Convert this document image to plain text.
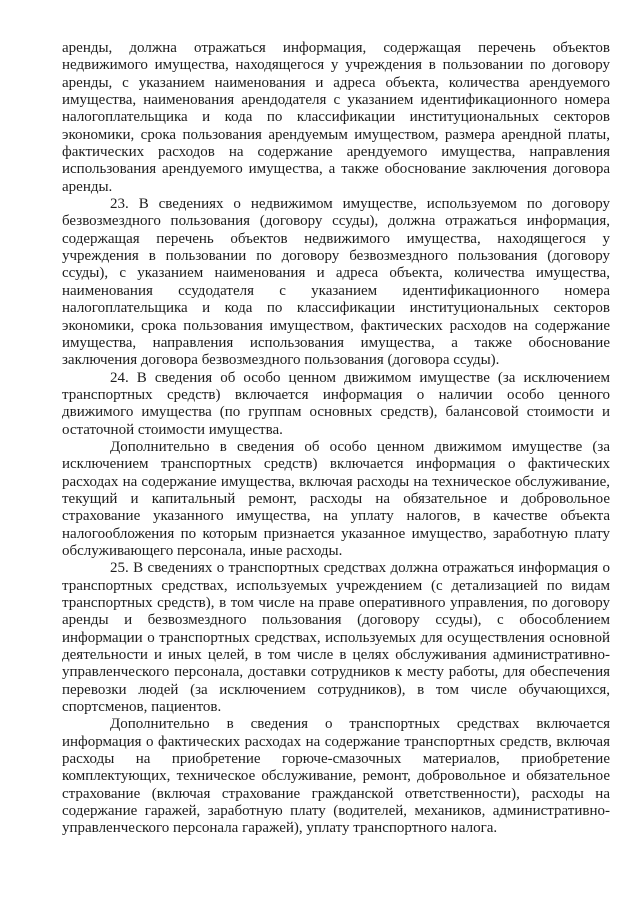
аренды, должна отражаться информация, содержащая перечень объектов недвижимого имущества, находящегося у учреждения в пользовании по договору аренды, с указанием наименования и адреса объекта, количества арендуемого имущества, наименования арендодателя с указанием идентификационного номера налогоплательщика и кода по классификации институциональных секторов экономики, срока пользования арендуемым имуществом, размера арендной платы, фактических расходов на содержание арендуемого имущества, направления использования арендуемого имущества, а также обоснование заключения договора аренды.

23. В сведениях о недвижимом имуществе, используемом по договору безвозмездного пользования (договору ссуды), должна отражаться информация, содержащая перечень объектов недвижимого имущества, находящегося у учреждения в пользовании по договору безвозмездного пользования (договору ссуды), с указанием наименования и адреса объекта, количества имущества, наименования ссудодателя с указанием идентификационного номера налогоплательщика и кода по классификации институциональных секторов экономики, срока пользования имуществом, фактических расходов на содержание имущества, направления использования имущества, а также обоснование заключения договора безвозмездного пользования (договора ссуды).

24. В сведения об особо ценном движимом имуществе (за исключением транспортных средств) включается информация о наличии особо ценного движимого имущества (по группам основных средств), балансовой стоимости и остаточной стоимости имущества.

Дополнительно в сведения об особо ценном движимом имуществе (за исключением транспортных средств) включается информация о фактических расходах на содержание имущества, включая расходы на техническое обслуживание, текущий и капитальный ремонт, расходы на обязательное и добровольное страхование указанного имущества, на уплату налогов, в качестве объекта налогообложения по которым признается указанное имущество, заработную плату обслуживающего персонала, иные расходы.

25. В сведениях о транспортных средствах должна отражаться информация о транспортных средствах, используемых учреждением (с детализацией по видам транспортных средств), в том числе на праве оперативного управления, по договору аренды и безвозмездного пользования (договору ссуды), с обособлением информации о транспортных средствах, используемых для осуществления основной деятельности и иных целей, в том числе в целях обслуживания административно-управленческого персонала, доставки сотрудников к месту работы, для обеспечения перевозки людей (за исключением сотрудников), в том числе обучающихся, спортсменов, пациентов.

Дополнительно в сведения о транспортных средствах включается информация о фактических расходах на содержание транспортных средств, включая расходы на приобретение горюче-смазочных материалов, приобретение комплектующих, техническое обслуживание, ремонт, добровольное и обязательное страхование (включая страхование гражданской ответственности), расходы на содержание гаражей, заработную плату (водителей, механиков, административно-управленческого персонала гаражей), уплату транспортного налога.
